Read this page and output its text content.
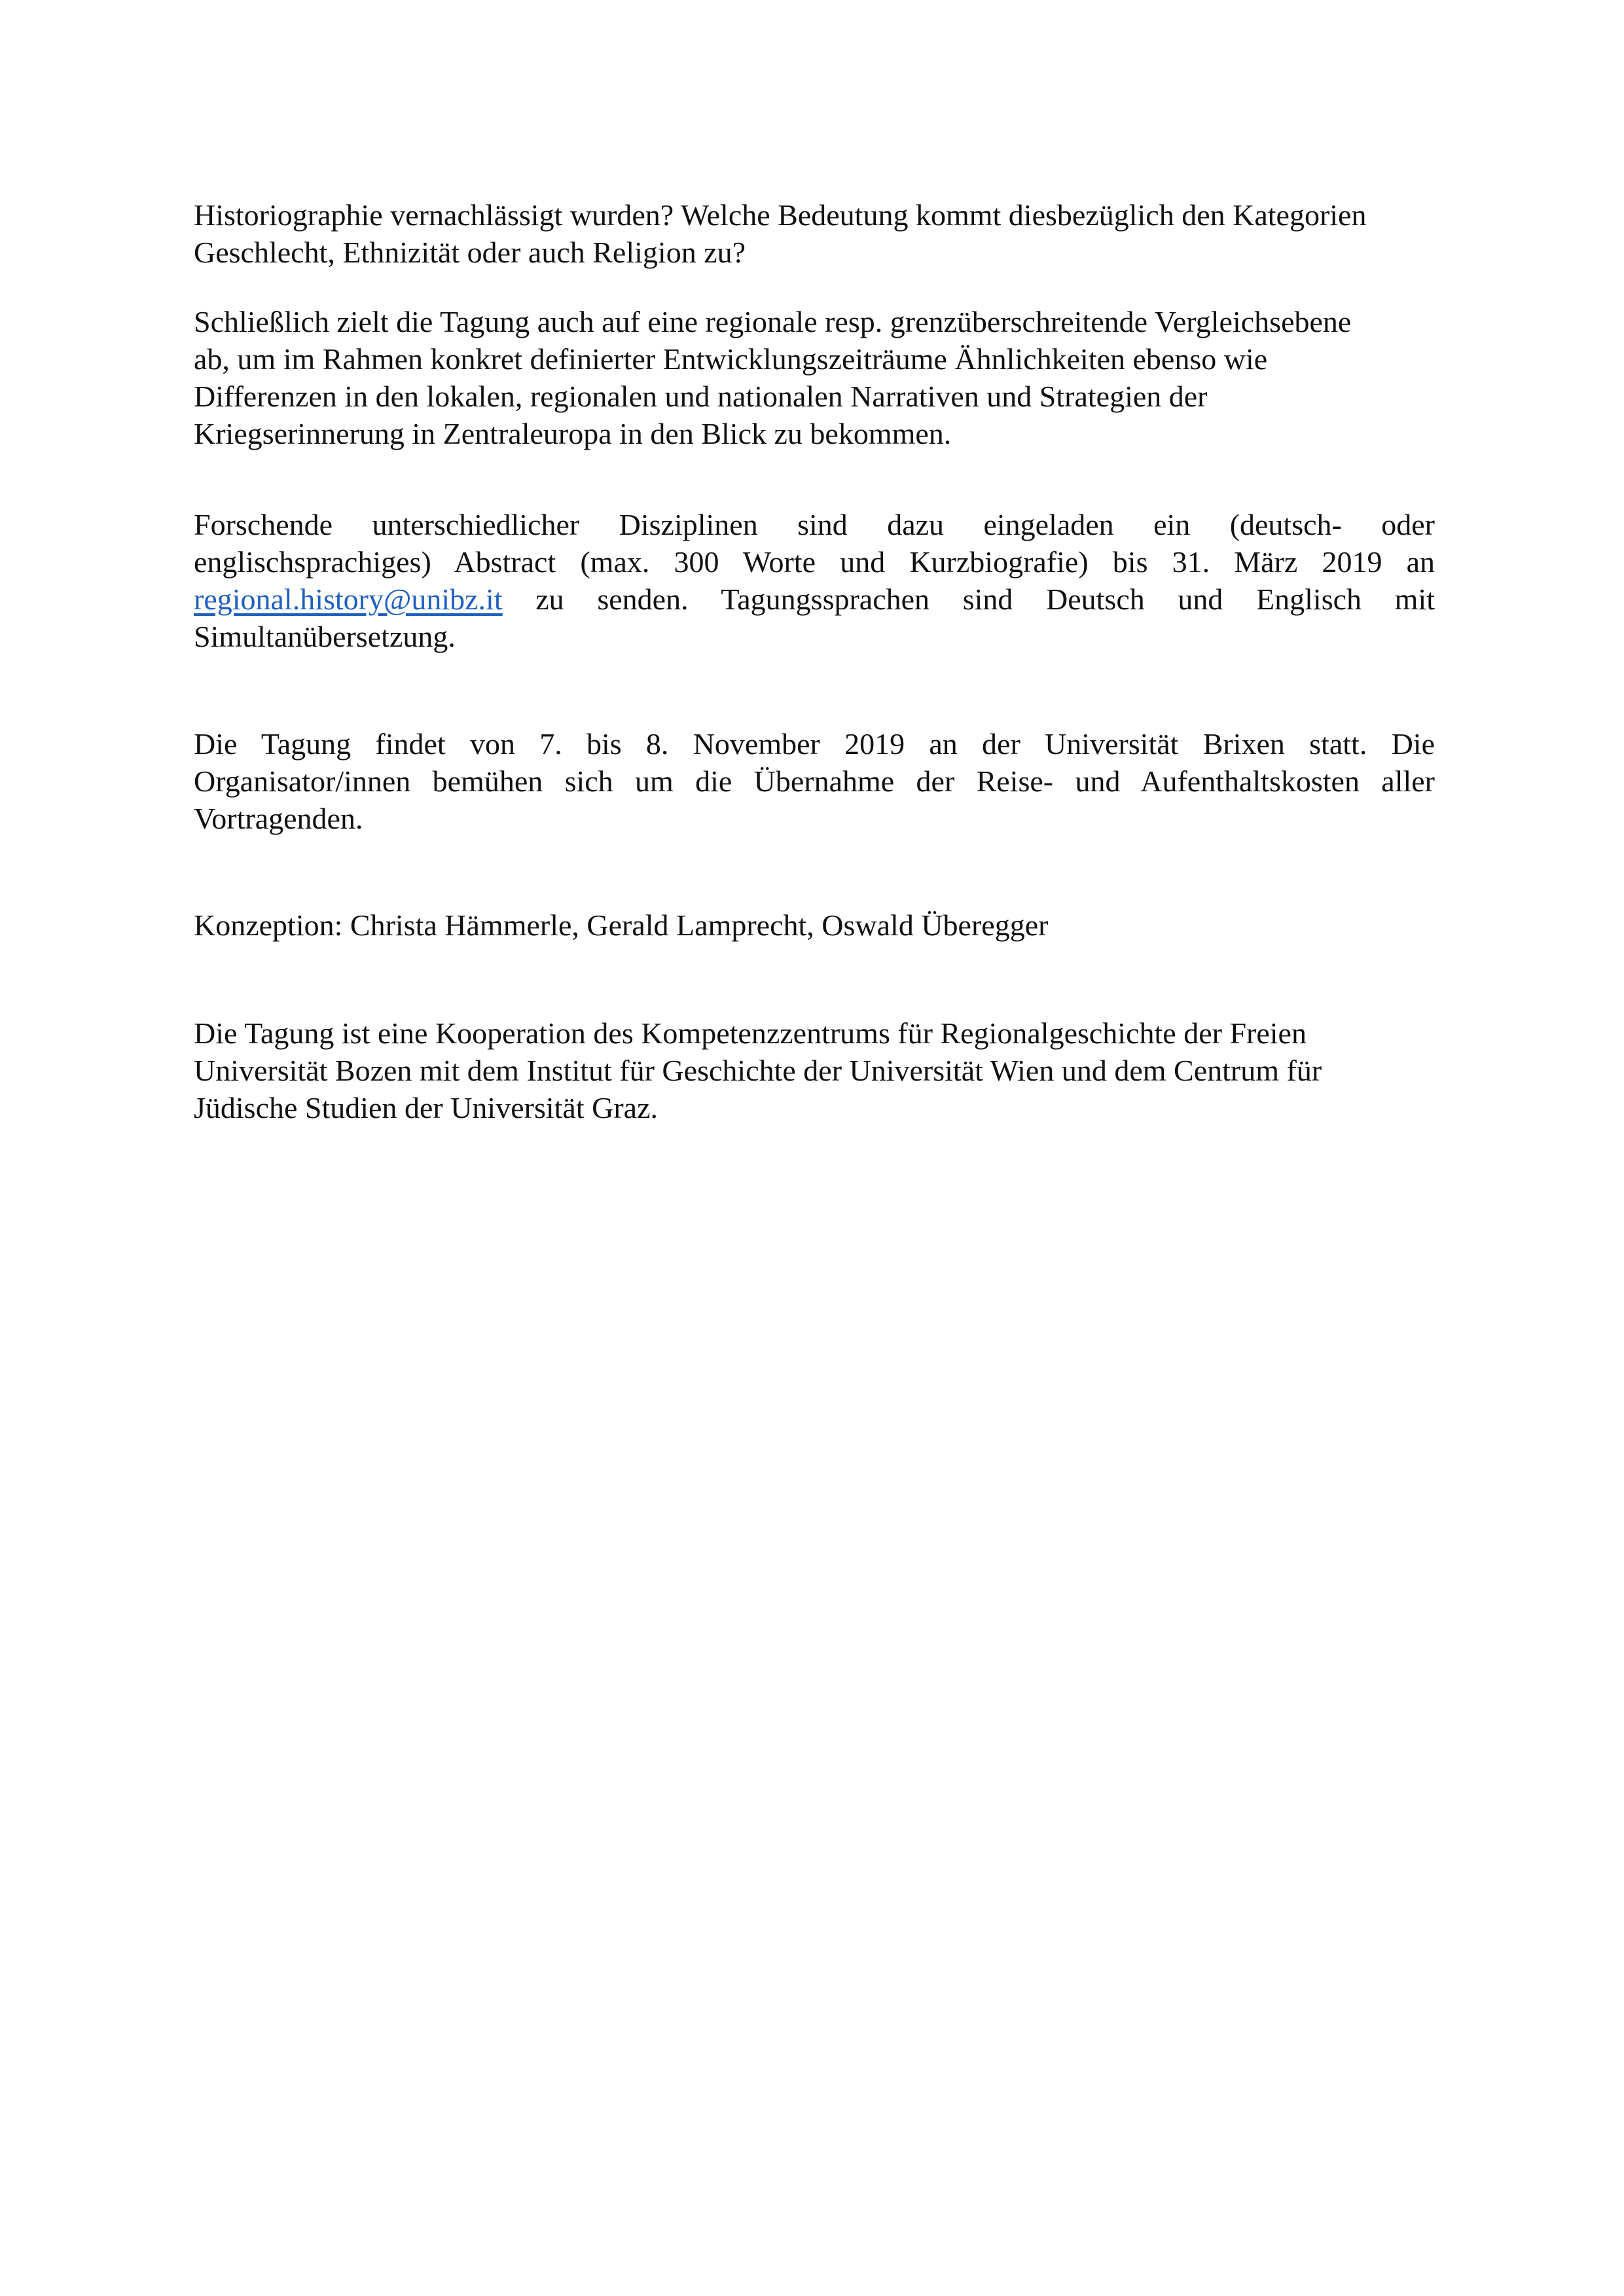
Historiographie vernachlässigt wurden? Welche Bedeutung kommt diesbezüglich den Kategorien
Geschlecht, Ethnizität oder auch Religion zu?

Schließlich zielt die Tagung auch auf eine regionale resp. grenzüberschreitende Vergleichsebene
ab, um im Rahmen konkret definierter Entwicklungszeiträume Ähnlichkeiten ebenso wie
Differenzen in den lokalen, regionalen und nationalen Narrativen und Strategien der
Kriegserinnerung in Zentraleuropa in den Blick zu bekommen.

Forschende unterschiedlicher Disziplinen sind dazu eingeladen ein (deutsch- oder
englischsprachiges) Abstract (max. 300 Worte und Kurzbiografie) bis 31. März 2019 an
regional.history@unibz.it zu senden. Tagungssprachen sind Deutsch und Englisch mit
Simultanübersetzung.

Die Tagung findet von 7. bis 8. November 2019 an der Universität Brixen statt. Die
Organisator/innen bemühen sich um die Übernahme der Reise- und Aufenthaltskosten aller
Vortragenden.

Konzeption: Christa Hämmerle, Gerald Lamprecht, Oswald Überegger

Die Tagung ist eine Kooperation des Kompetenzzentrums für Regionalgeschichte der Freien
Universität Bozen mit dem Institut für Geschichte der Universität Wien und dem Centrum für
Jüdische Studien der Universität Graz.
